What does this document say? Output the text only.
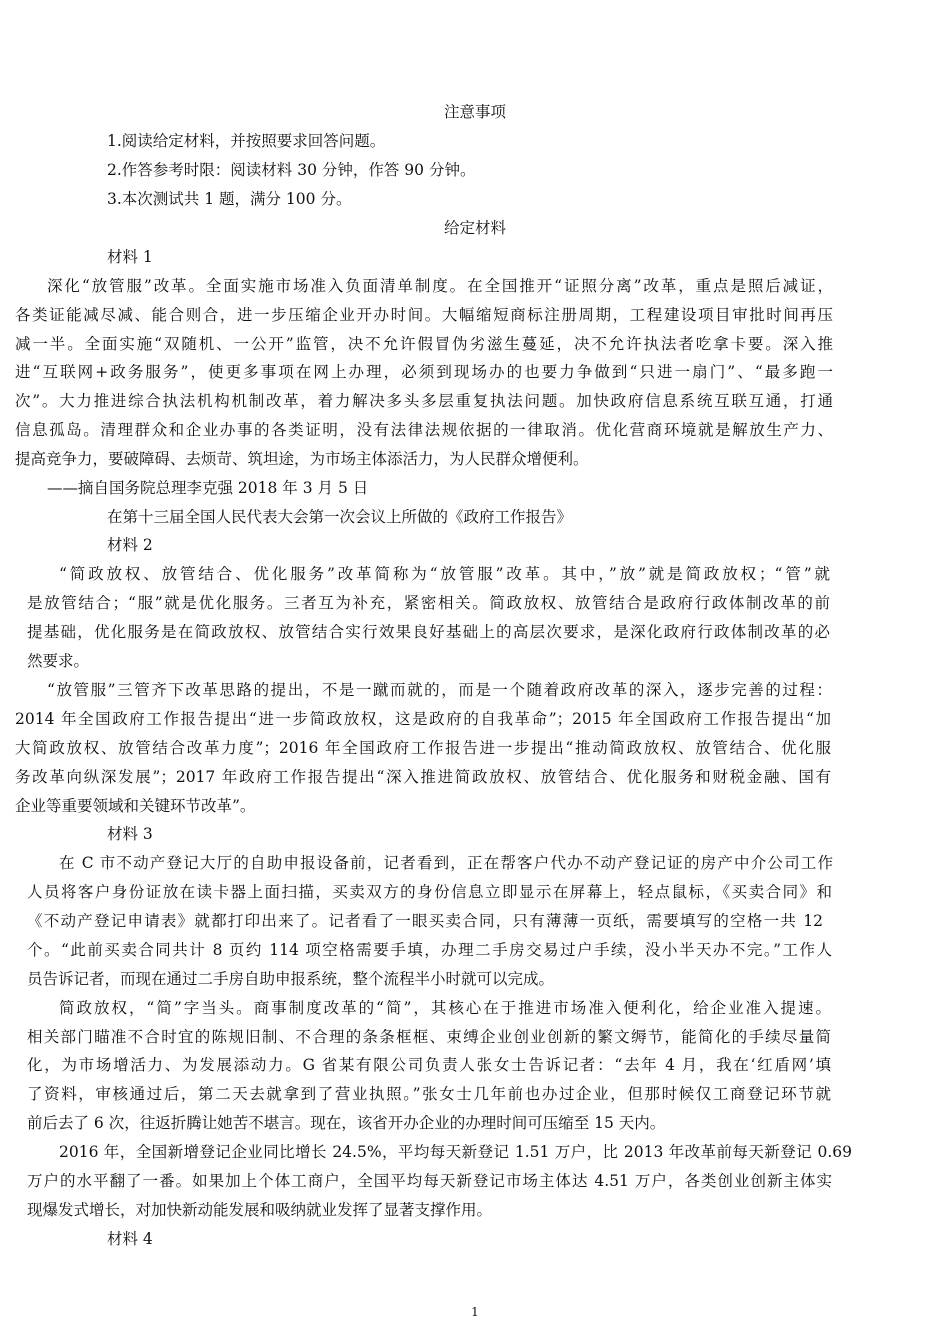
注意事项
1.阅读给定材料，并按照要求回答问题。
2.作答参考时限：阅读材料 30 分钟，作答 90 分钟。
3.本次测试共 1 题，满分 100 分。
给定材料
材料 1
深化“放管服”改革。全面实施市场准入负面清单制度。在全国推开“证照分离”改革，重点是照后减证，
各类证能减尽减、能合则合，进一步压缩企业开办时间。大幅缩短商标注册周期，工程建设项目审批时间再压
减一半。全面实施“双随机、一公开”监管，决不允许假冒伪劣滋生蔓延，决不允许执法者吃拿卡要。深入推
进“互联网+政务服务”，使更多事项在网上办理，必须到现场办的也要力争做到“只进一扇门”、“最多跑一
次”。大力推进综合执法机构机制改革，着力解决多头多层重复执法问题。加快政府信息系统互联互通，打通
信息孤岛。清理群众和企业办事的各类证明，没有法律法规依据的一律取消。优化营商环境就是解放生产力、
提高竞争力，要破障碍、去烦苛、筑坦途，为市场主体添活力，为人民群众增便利。
——摘自国务院总理李克强 2018 年 3 月 5 日
在第十三届全国人民代表大会第一次会议上所做的《政府工作报告》
材料 2
“简政放权、放管结合、优化服务”改革简称为“放管服”改革。其中，”放”就是简政放权；“管”就
是放管结合；“服”就是优化服务。三者互为补充，紧密相关。简政放权、放管结合是政府行政体制改革的前
提基础，优化服务是在简政放权、放管结合实行效果良好基础上的高层次要求，是深化政府行政体制改革的必
然要求。
“放管服”三管齐下改革思路的提出，不是一蹴而就的，而是一个随着政府改革的深入，逐步完善的过程：
2014 年全国政府工作报告提出“进一步简政放权，这是政府的自我革命”；2015 年全国政府工作报告提出“加
大简政放权、放管结合改革力度”；2016 年全国政府工作报告进一步提出“推动简政放权、放管结合、优化服
务改革向纵深发展”；2017 年政府工作报告提出“深入推进简政放权、放管结合、优化服务和财税金融、国有
企业等重要领域和关键环节改革”。
材料 3
在 C 市不动产登记大厅的自助申报设备前，记者看到，正在帮客户代办不动产登记证的房产中介公司工作
人员将客户身份证放在读卡器上面扫描，买卖双方的身份信息立即显示在屏幕上，轻点鼠标，《买卖合同》和
《不动产登记申请表》就都打印出来了。记者看了一眼买卖合同，只有薄薄一页纸，需要填写的空格一共 12
个。“此前买卖合同共计 8 页约 114 项空格需要手填，办理二手房交易过户手续，没小半天办不完。”工作人
员告诉记者，而现在通过二手房自助申报系统，整个流程半小时就可以完成。
简政放权，“简”字当头。商事制度改革的“简”，其核心在于推进市场准入便利化，给企业准入提速。
相关部门瞄准不合时宜的陈规旧制、不合理的条条框框、束缚企业创业创新的繁文缛节，能简化的手续尽量简
化，为市场增活力、为发展添动力。G 省某有限公司负责人张女士告诉记者：“去年 4 月，我在‘红盾网’填
了资料，审核通过后，第二天去就拿到了营业执照。”张女士几年前也办过企业，但那时候仅工商登记环节就
前后去了 6 次，往返折腾让她苦不堪言。现在，该省开办企业的办理时间可压缩至 15 天内。
2016 年，全国新增登记企业同比增长 24.5%，平均每天新登记 1.51 万户，比 2013 年改革前每天新登记 0.69
万户的水平翻了一番。如果加上个体工商户，全国平均每天新登记市场主体达 4.51 万户，各类创业创新主体实
现爆发式增长，对加快新动能发展和吸纳就业发挥了显著支撑作用。
材料 4
1
